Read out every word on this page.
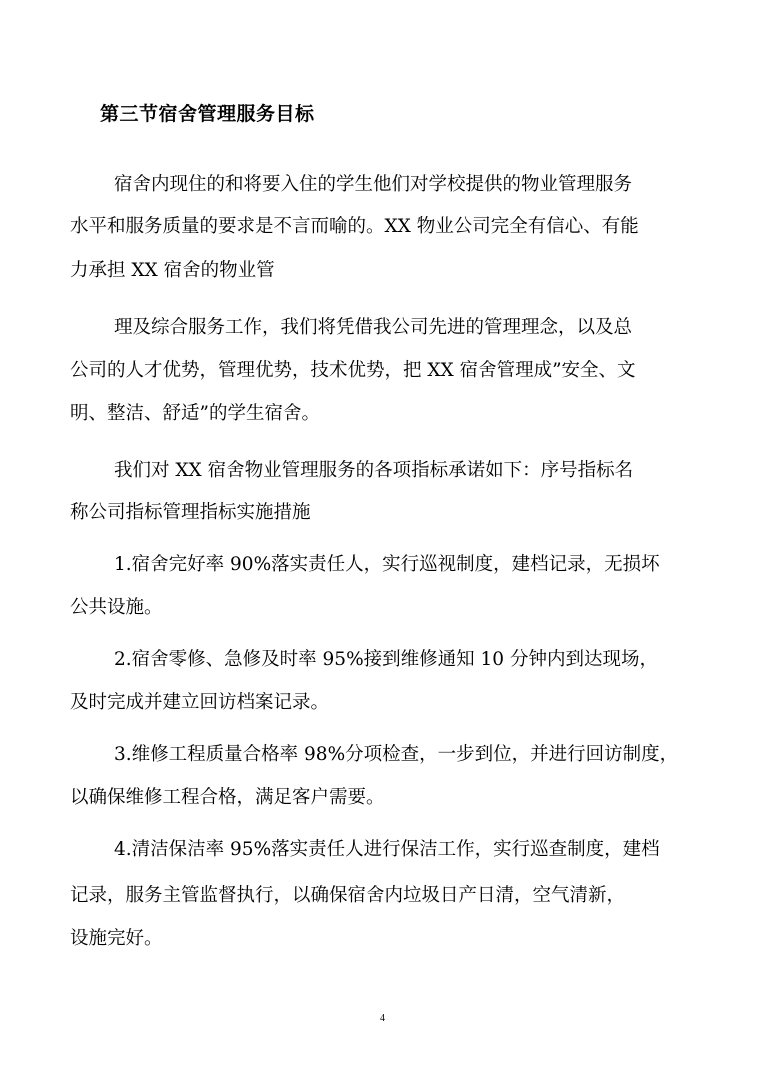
第三节宿舍管理服务目标
宿舍内现住的和将要入住的学生他们对学校提供的物业管理服务
水平和服务质量的要求是不言而喻的。XX 物业公司完全有信心、有能
力承担 XX 宿舍的物业管
理及综合服务工作，我们将凭借我公司先进的管理理念，以及总
公司的人才优势，管理优势，技术优势，把 XX 宿舍管理成”安全、文
明、整洁、舒适”的学生宿舍。
我们对 XX 宿舍物业管理服务的各项指标承诺如下：序号指标名
称公司指标管理指标实施措施
1.宿舍完好率 90%落实责任人，实行巡视制度，建档记录，无损坏
公共设施。
2.宿舍零修、急修及时率 95%接到维修通知 10 分钟内到达现场，
及时完成并建立回访档案记录。
3.维修工程质量合格率 98%分项检查，一步到位，并进行回访制度，
以确保维修工程合格，满足客户需要。
4.清洁保洁率 95%落实责任人进行保洁工作，实行巡查制度，建档
记录，服务主管监督执行，以确保宿舍内垃圾日产日清，空气清新，
设施完好。
4
